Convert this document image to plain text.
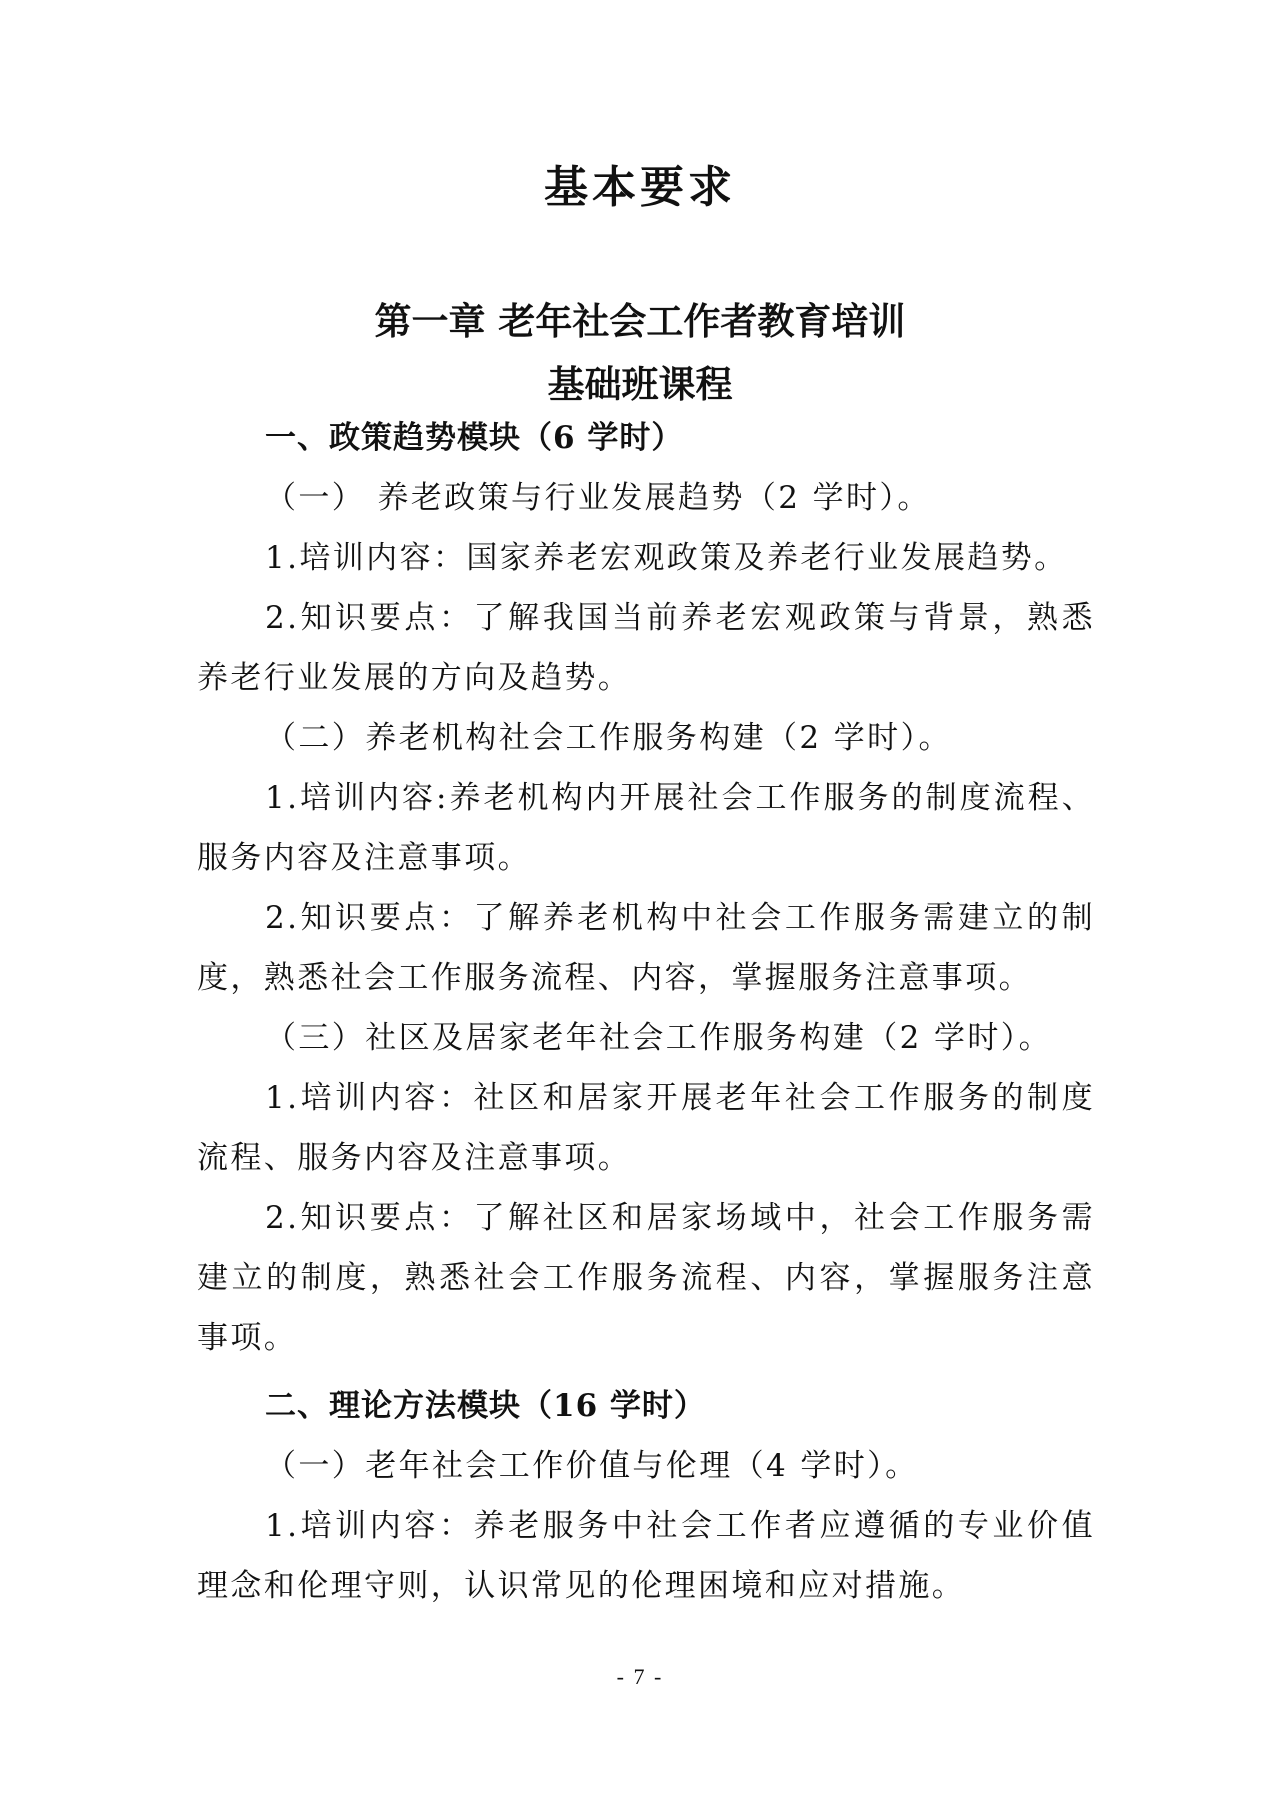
基本要求
第一章 老年社会工作者教育培训
基础班课程

一、政策趋势模块（6 学时）

（一） 养老政策与行业发展趋势（2 学时）。

1.培训内容：国家养老宏观政策及养老行业发展趋势。

2.知识要点：了解我国当前养老宏观政策与背景，熟悉养老行业发展的方向及趋势。

（二）养老机构社会工作服务构建（2 学时）。

1.培训内容:养老机构内开展社会工作服务的制度流程、服务内容及注意事项。

2.知识要点：了解养老机构中社会工作服务需建立的制度，熟悉社会工作服务流程、内容，掌握服务注意事项。

（三）社区及居家老年社会工作服务构建（2 学时）。

1.培训内容：社区和居家开展老年社会工作服务的制度流程、服务内容及注意事项。

2.知识要点：了解社区和居家场域中，社会工作服务需建立的制度，熟悉社会工作服务流程、内容，掌握服务注意事项。

二、理论方法模块（16 学时）

（一）老年社会工作价值与伦理（4 学时）。

1.培训内容：养老服务中社会工作者应遵循的专业价值理念和伦理守则，认识常见的伦理困境和应对措施。

- 7 -
